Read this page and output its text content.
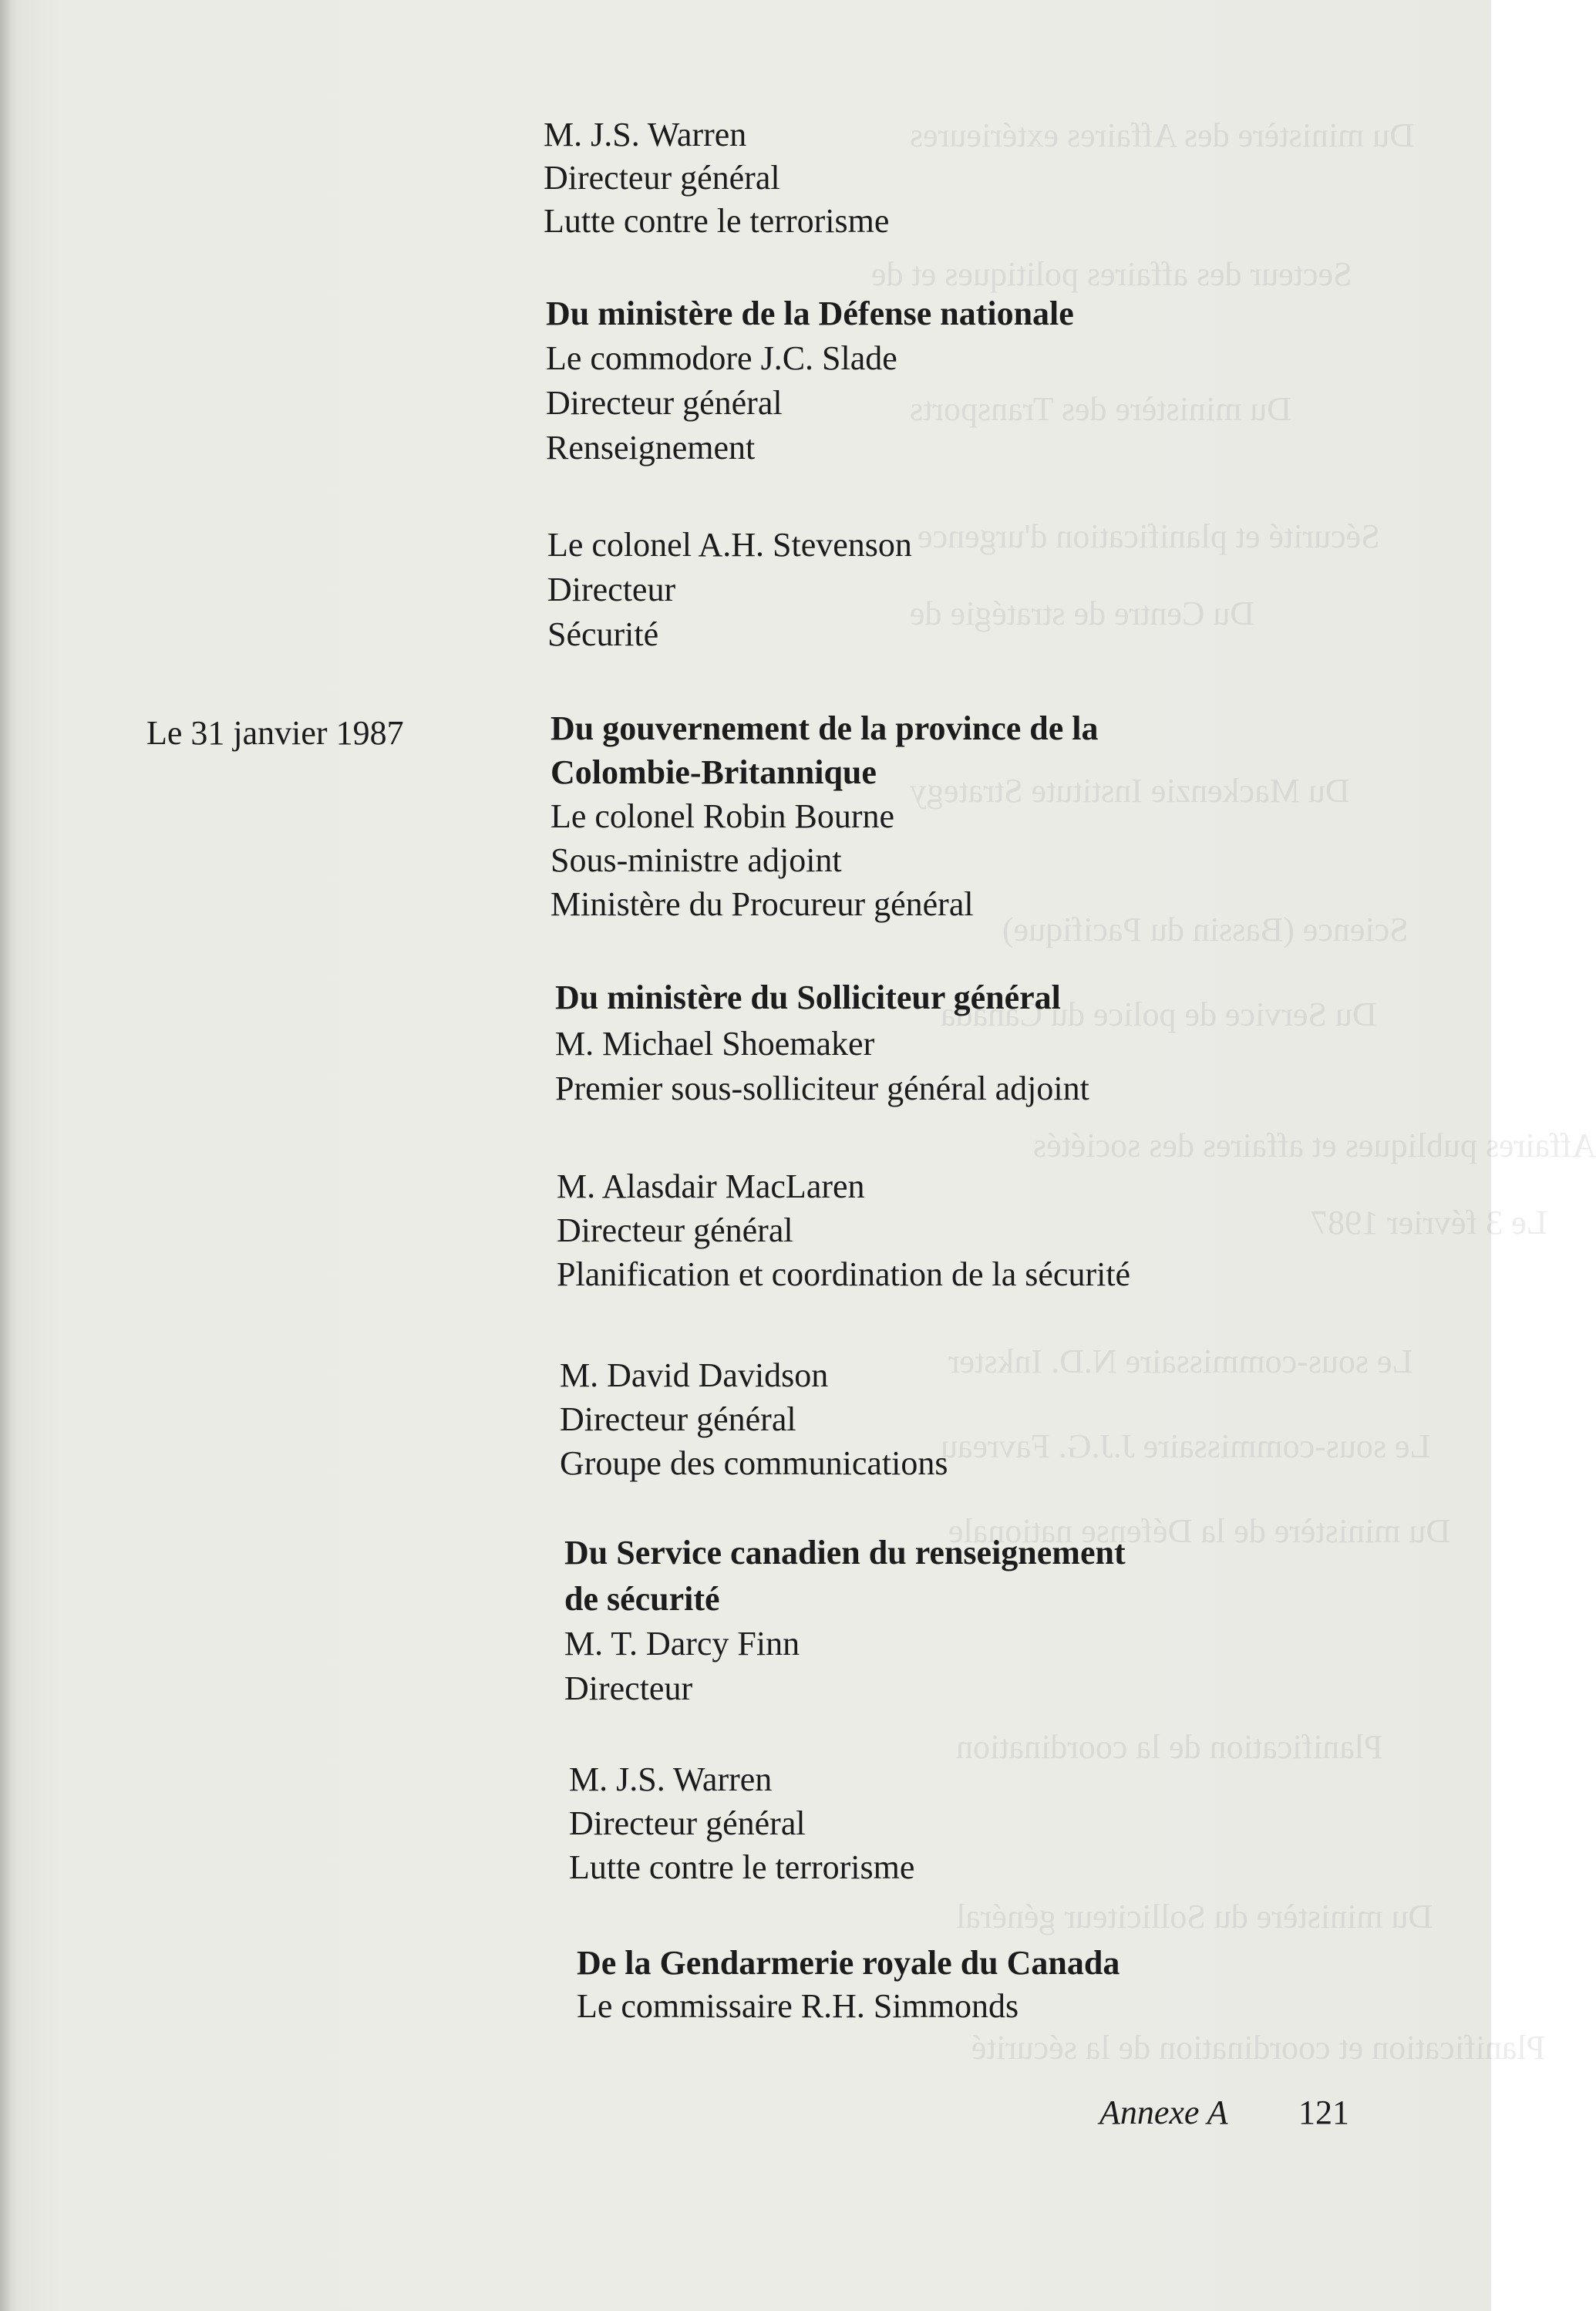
Du ministère des Affaires extérieures
Secteur des affaires politiques et de
Du ministère des Transports
Sécurité et planification d'urgence
Du Centre de stratégie de
Du Mackenzie Institute Strategy
Science (Bassin du Pacifique)
Du Service de police du Canada
Affaires publiques et affaires des sociétés
Le 3 février 1987
Le sous-commissaire N.D. Inkster
Le sous-commissaire J.J.G. Favreau
Du ministère de la Défense nationale
Planification de la coordination
Du ministère du Solliciteur général
Planification et coordination de la sécurité
Le 31 janvier 1987
M. J.S. Warren
Directeur général
Lutte contre le terrorisme
Du ministère de la Défense nationale
Le commodore J.C. Slade
Directeur général
Renseignement
Le colonel A.H. Stevenson
Directeur
Sécurité
Du gouvernement de la province de la
Colombie-Britannique
Le colonel Robin Bourne
Sous-ministre adjoint
Ministère du Procureur général
Du ministère du Solliciteur général
M. Michael Shoemaker
Premier sous-solliciteur général adjoint
M. Alasdair MacLaren
Directeur général
Planification et coordination de la sécurité
M. David Davidson
Directeur général
Groupe des communications
Du Service canadien du renseignement
de sécurité
M. T. Darcy Finn
Directeur
M. J.S. Warren
Directeur général
Lutte contre le terrorisme
De la Gendarmerie royale du Canada
Le commissaire R.H. Simmonds
Annexe A 121
